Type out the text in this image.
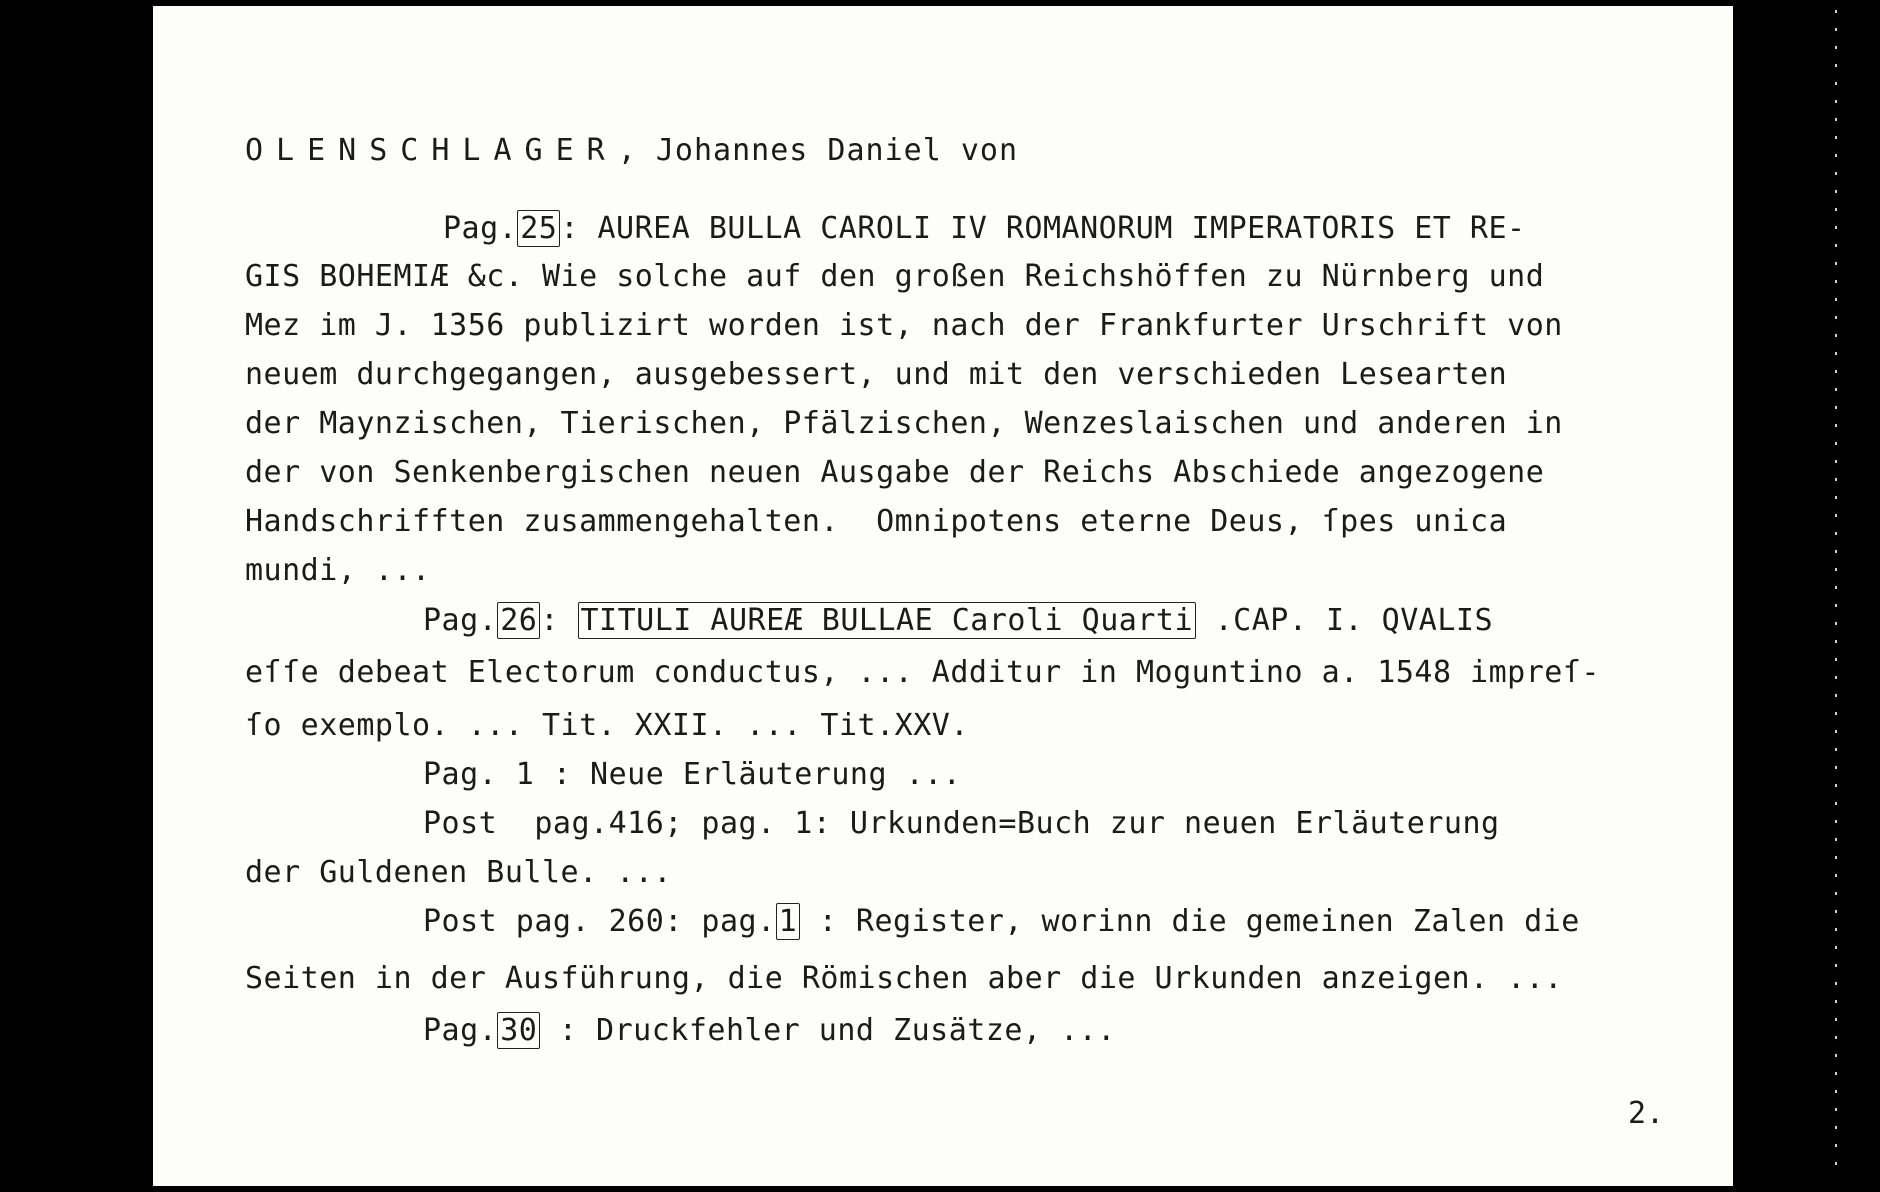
OLENSCHLAGER, Johannes Daniel von
Pag. 25 : AUREA BULLA CAROLI IV ROMANORUM IMPERATORIS ET RE-
GIS BOHEMIÆ &c. Wie solche auf den großen Reichshöffen zu Nürnberg und
Mez im J. 1356 publizirt worden ist, nach der Frankfurter Urschrift von
neuem durchgegangen, ausgebessert, und mit den verschieden Lesearten
der Maynzischen, Tierischen, Pfälzischen, Wenzeslaischen und anderen in
der von Senkenbergischen neuen Ausgabe der Reichs Abschiede angezogene
Handschrifften zusammengehalten.  Omnipotens eterne Deus, ſpes unica
mundi, ...
Pag. 26 : TITULI AUREÆ BULLAE Caroli Quarti .CAP. I. QVALIS
eſſe debeat Electorum conductus, ... Additur in Moguntino a. 1548 impreſ-
ſo exemplo. ... Tit. XXII. ... Tit.XXV.
Pag. 1 : Neue Erläuterung ...
Post  pag.416; pag. 1: Urkunden=Buch zur neuen Erläuterung
der Guldenen Bulle. ...
Post pag. 260: pag. 1 : Register, worinn die gemeinen Zalen die
Seiten in der Ausführung, die Römischen aber die Urkunden anzeigen. ...
Pag. 30 : Druckfehler und Zusätze, ...
2.
